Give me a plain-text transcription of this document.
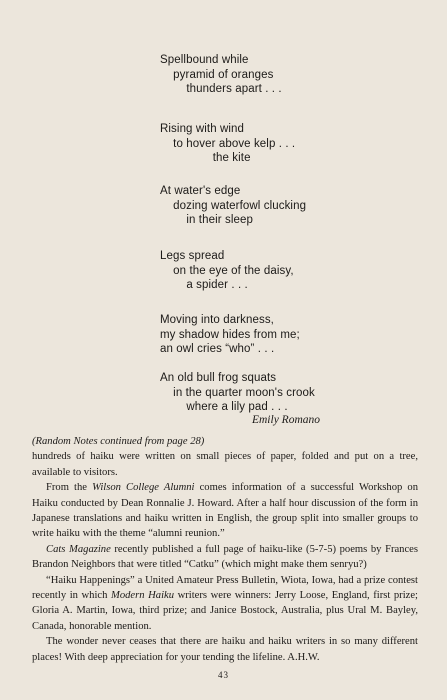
Spellbound while
pyramid of oranges
thunders apart . . .
Rising with wind
to hover above kelp . . .
the kite
At water's edge
dozing waterfowl clucking
in their sleep
Legs spread
on the eye of the daisy,
a spider . . .
Moving into darkness,
my shadow hides from me;
an owl cries “who” . . .
An old bull frog squats
in the quarter moon's crook
where a lily pad . . .
Emily Romano

(Random Notes continued from page 28)

hundreds of haiku were written on small pieces of paper, folded and put on a tree, available to visitors.

From the Wilson College Alumni comes information of a successful Workshop on Haiku conducted by Dean Ronnalie J. Howard. After a half hour discussion of the form in Japanese translations and haiku written in English, the group split into smaller groups to write haiku with the theme “alumni reunion.”

Cats Magazine recently published a full page of haiku-like (5-7-5) poems by Frances Brandon Neighbors that were titled “Catku” (which might make them senryu?)

“Haiku Happenings” a United Amateur Press Bulletin, Wiota, Iowa, had a prize contest recently in which Modern Haiku writers were winners: Jerry Loose, England, first prize; Gloria A. Martin, Iowa, third prize; and Janice Bostock, Australia, plus Ural M. Bayley, Canada, honorable mention.

The wonder never ceases that there are haiku and haiku writers in so many different places! With deep appreciation for your tending the lifeline. A.H.W.

43
